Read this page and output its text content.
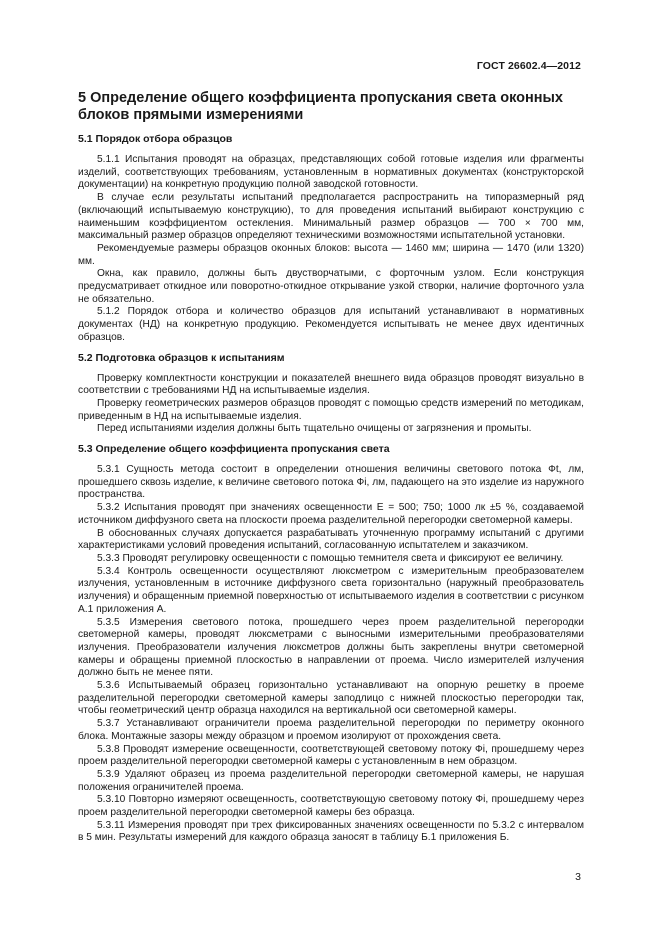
ГОСТ 26602.4—2012
5 Определение общего коэффициента пропускания света оконных блоков прямыми измерениями
5.1 Порядок отбора образцов

5.1.1 Испытания проводят на образцах, представляющих собой готовые изделия или фрагменты изделий, соответствующих требованиям, установленным в нормативных документах (конструкторской документации) на конкретную продукцию полной заводской готовности.

В случае если результаты испытаний предполагается распространить на типоразмерный ряд (включающий испытываемую конструкцию), то для проведения испытаний выбирают конструкцию с наименьшим коэффициентом остекления. Минимальный размер образцов — 700 × 700 мм, максимальный размер образцов определяют техническими возможностями испытательной установки.

Рекомендуемые размеры образцов оконных блоков: высота — 1460 мм; ширина — 1470 (или 1320) мм.

Окна, как правило, должны быть двустворчатыми, с форточным узлом. Если конструкция предусматривает откидное или поворотно-откидное открывание узкой створки, наличие форточного узла не обязательно.

5.1.2 Порядок отбора и количество образцов для испытаний устанавливают в нормативных документах (НД) на конкретную продукцию. Рекомендуется испытывать не менее двух идентичных образцов.

5.2 Подготовка образцов к испытаниям

Проверку комплектности конструкции и показателей внешнего вида образцов проводят визуально в соответствии с требованиями НД на испытываемые изделия.

Проверку геометрических размеров образцов проводят с помощью средств измерений по методикам, приведенным в НД на испытываемые изделия.

Перед испытаниями изделия должны быть тщательно очищены от загрязнения и промыты.

5.3 Определение общего коэффициента пропускания света

5.3.1 Сущность метода состоит в определении отношения величины светового потока Фt, лм, прошедшего сквозь изделие, к величине светового потока Фi, лм, падающего на это изделие из наружного пространства.

5.3.2 Испытания проводят при значениях освещенности E = 500; 750; 1000 лк ±5 %, создаваемой источником диффузного света на плоскости проема разделительной перегородки светомерной камеры.

В обоснованных случаях допускается разрабатывать уточненную программу испытаний с другими характеристиками условий проведения испытаний, согласованную испытателем и заказчиком.

5.3.3 Проводят регулировку освещенности с помощью темнителя света и фиксируют ее величину.

5.3.4 Контроль освещенности осуществляют люксметром с измерительным преобразователем излучения, установленным в источнике диффузного света горизонтально (наружный преобразователь излучения) и обращенным приемной поверхностью от испытываемого изделия в соответствии с рисунком А.1 приложения А.

5.3.5 Измерения светового потока, прошедшего через проем разделительной перегородки светомерной камеры, проводят люксметрами с выносными измерительными преобразователями излучения. Преобразователи излучения люксметров должны быть закреплены внутри светомерной камеры и обращены приемной плоскостью в направлении от проема. Число измерителей излучения должно быть не менее пяти.

5.3.6 Испытываемый образец горизонтально устанавливают на опорную решетку в проеме разделительной перегородки светомерной камеры заподлицо с нижней плоскостью перегородки так, чтобы геометрический центр образца находился на вертикальной оси светомерной камеры.

5.3.7 Устанавливают ограничители проема разделительной перегородки по периметру оконного блока. Монтажные зазоры между образцом и проемом изолируют от прохождения света.

5.3.8 Проводят измерение освещенности, соответствующей световому потоку Фi, прошедшему через проем разделительной перегородки светомерной камеры с установленным в нем образцом.

5.3.9 Удаляют образец из проема разделительной перегородки светомерной камеры, не нарушая положения ограничителей проема.

5.3.10 Повторно измеряют освещенность, соответствующую световому потоку Фi, прошедшему через проем разделительной перегородки светомерной камеры без образца.

5.3.11 Измерения проводят при трех фиксированных значениях освещенности по 5.3.2 с интервалом в 5 мин. Результаты измерений для каждого образца заносят в таблицу Б.1 приложения Б.

3
